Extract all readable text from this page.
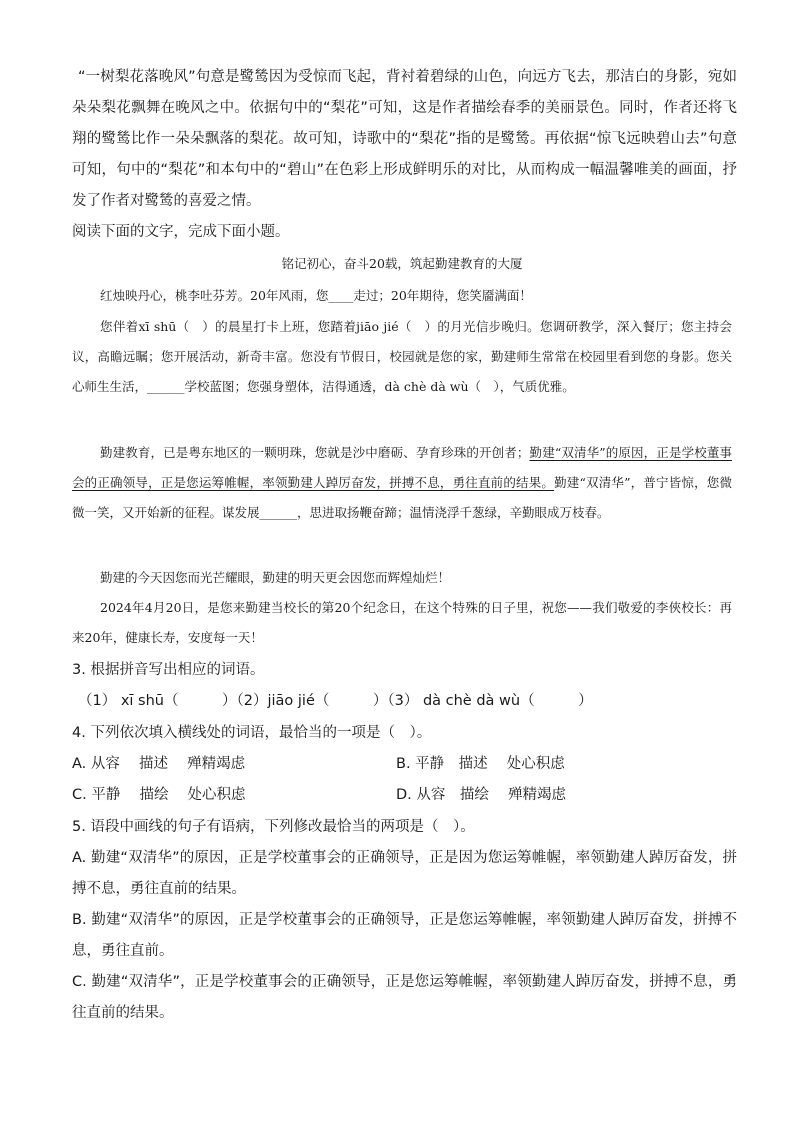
“一树梨花落晚风”句意是鹭鸶因为受惊而飞起，背衬着碧绿的山色，向远方飞去，那洁白的身影，宛如朵朵梨花飘舞在晚风之中。依据句中的“梨花”可知，这是作者描绘春季的美丽景色。同时，作者还将飞翔的鹭鸶比作一朵朵飘落的梨花。故可知，诗歌中的“梨花”指的是鹭鸶。再依据“惊飞远映碧山去”句意可知，句中的“梨花”和本句中的“碧山”在色彩上形成鲜明乐的对比，从而构成一幅温馨唯美的画面，抒发了作者对鹭鸶的喜爱之情。

阅读下面的文字，完成下面小题。

铭记初心，奋斗20载，筑起勤建教育的大厦

红烛映丹心，桃李吐芬芳。20年风雨，您____走过；20年期待，您笑靥满面！

您伴着xī shū（　）的晨星打卡上班，您踏着jiāo jié（　）的月光信步晚归。您调研教学，深入餐厅；您主持会议，高瞻远瞩；您开展活动，新奇丰富。您没有节假日，校园就是您的家，勤建师生常常在校园里看到您的身影。您关心师生生活，______学校蓝图；您强身塑体，洁得通透，dà chè dà wù（　），气质优雅。

勤建教育，已是粤东地区的一颗明珠，您就是沙中磨砺、孕育珍珠的开创者；勤建“双清华”的原因，正是学校董事会的正确领导，正是您运筹帷幄，率领勤建人踔厉奋发，拼搏不息，勇往直前的结果。勤建“双清华”，普宁皆惊，您微微一笑，又开始新的征程。谋发展______，思进取扬鞭奋蹄；温情浇浮千葱绿，辛勤眼成万枝春。

勤建的今天因您而光芒耀眼，勤建的明天更会因您而辉煌灿烂！

2024年4月20日，是您来勤建当校长的第20个纪念日，在这个特殊的日子里，祝您——我们敬爱的李俠校长：再来20年，健康长寿，安度每一天！

3. 根据拼音写出相应的词语。

（1） xī shū（　　　）（2）jiāo jié（　　　）（3） dà chè dà wù（　　　）

4. 下列依次填入横线处的词语，最恰当的一项是（　）。

A. 从容　 描述　 殚精竭虑	B. 平静　描述　 处心积虑

C. 平静　 描绘　 处心积虑	D. 从容　描绘　 殚精竭虑

5. 语段中画线的句子有语病，下列修改最恰当的两项是（　）。

A. 勤建“双清华”的原因，正是学校董事会的正确领导，正是因为您运筹帷幄，率领勤建人踔厉奋发，拼搏不息，勇往直前的结果。

B. 勤建“双清华”的原因，正是学校董事会的正确领导，正是您运筹帷幄，率领勤建人踔厉奋发，拼搏不息，勇往直前。

C. 勤建“双清华”，正是学校董事会的正确领导，正是您运筹帷幄，率领勤建人踔厉奋发，拼搏不息，勇往直前的结果。
